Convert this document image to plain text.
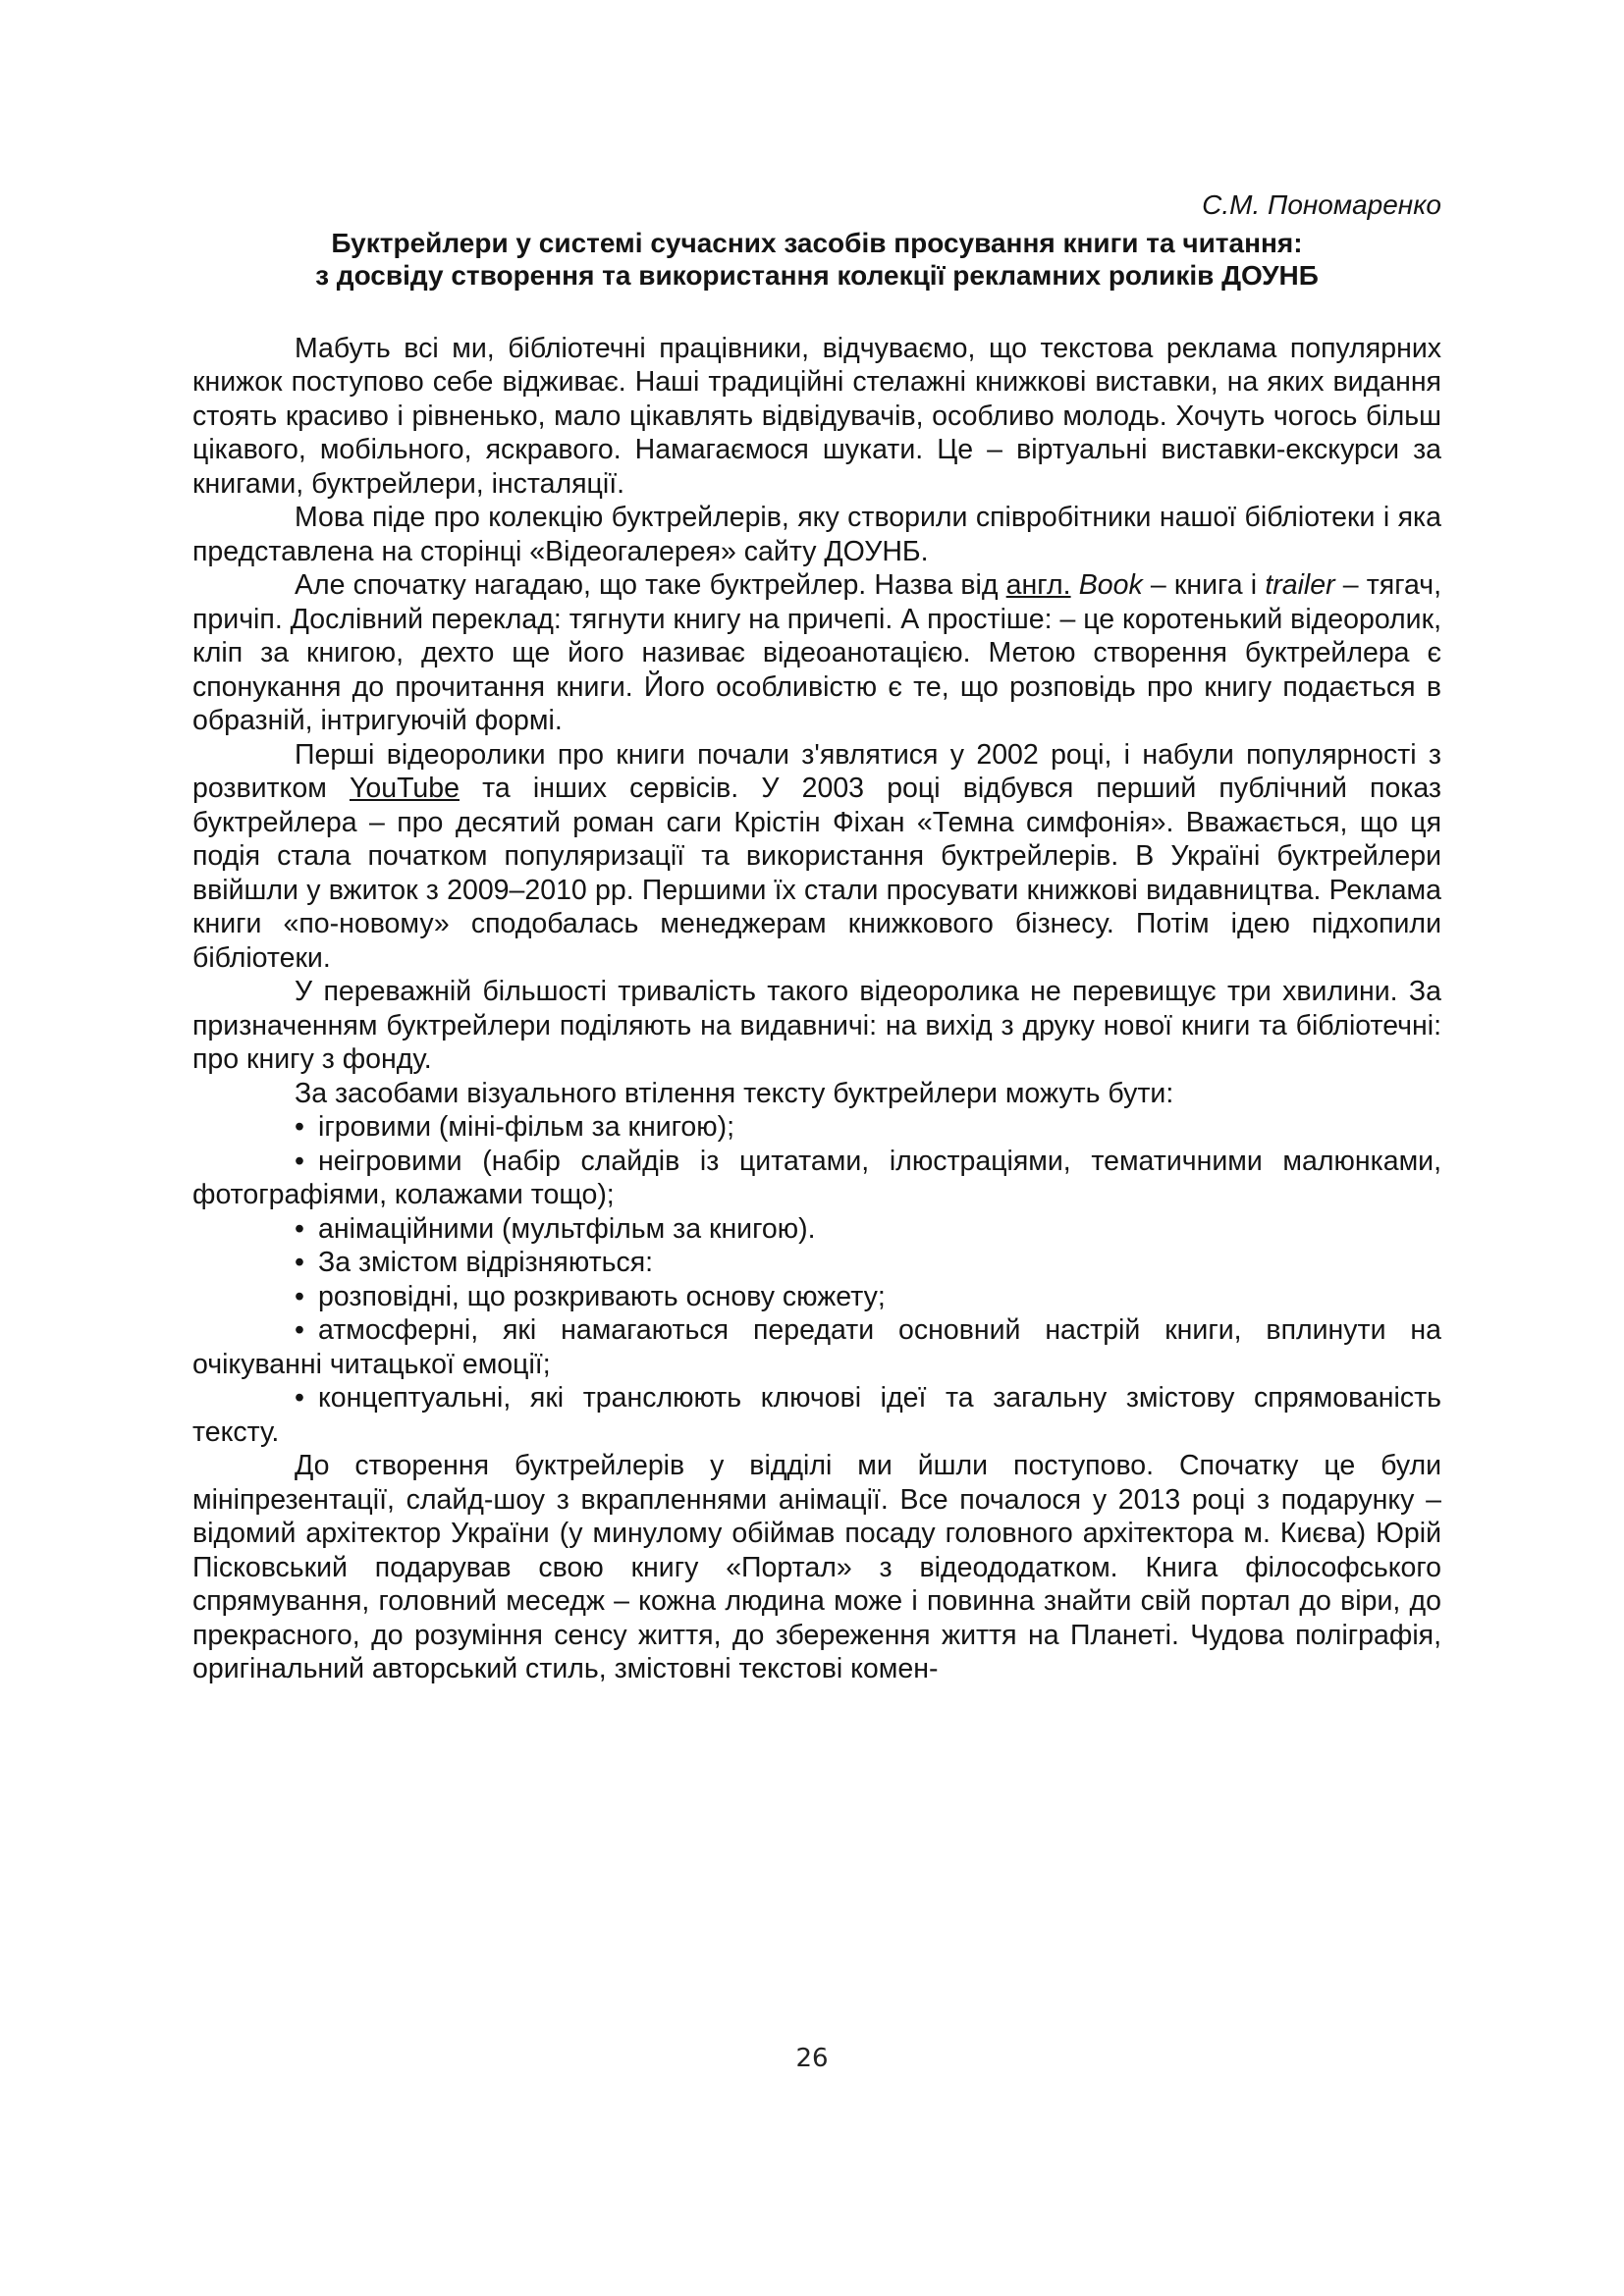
С.М. Пономаренко

Буктрейлери у системі сучасних засобів просування книги та читання:
з досвіду створення та використання колекції рекламних роликів ДОУНБ

Мабуть всі ми, бібліотечні працівники, відчуваємо, що текстова реклама популярних книжок поступово себе відживає. Наші традиційні стелажні книжкові виставки, на яких видання стоять красиво і рівненько, мало цікавлять відвідувачів, особливо молодь. Хочуть чогось більш цікавого, мобільного, яскравого. Намагаємося шукати. Це – віртуальні виставки-екскурси за книгами, буктрейлери, інсталяції.

Мова піде про колекцію буктрейлерів, яку створили співробітники нашої бібліотеки і яка представлена на сторінці «Відеогалерея» сайту ДОУНБ.

Але спочатку нагадаю, що таке буктрейлер. Назва від англ. Book – книга і trailer – тягач, причіп. Дослівний переклад: тягнути книгу на причепі. А простіше: – це коротенький відеоролик, кліп за книгою, дехто ще його називає відеоанотацією. Метою створення буктрейлера є спонукання до прочитання книги. Його особливістю є те, що розповідь про книгу подається в образній, інтригуючій формі.

Перші відеоролики про книги почали з'являтися у 2002 році, і набули популярності з розвитком YouTube та інших сервісів. У 2003 році відбувся перший публічний показ буктрейлера – про десятий роман саги Крістін Фіхан «Темна симфонія». Вважається, що ця подія стала початком популяризації та використання буктрейлерів. В Україні буктрейлери ввійшли у вжиток з 2009–2010 рр. Першими їх стали просувати книжкові видавництва. Реклама книги «по-новому» сподобалась менеджерам книжкового бізнесу. Потім ідею підхопили бібліотеки.

У переважній більшості тривалість такого відеоролика не перевищує три хвилини. За призначенням буктрейлери поділяють на видавничі: на вихід з друку нової книги та бібліотечні: про книгу з фонду.

За засобами візуального втілення тексту буктрейлери можуть бути:

• ігровими (міні-фільм за книгою);

• неігровими (набір слайдів із цитатами, ілюстраціями, тематичними малюнками, фотографіями, колажами тощо);

• анімаційними (мультфільм за книгою).

• За змістом відрізняються:

• розповідні, що розкривають основу сюжету;

• атмосферні, які намагаються передати основний настрій книги, вплинути на очікуванні читацької емоції;

• концептуальні, які транслюють ключові ідеї та загальну змістову спрямованість тексту.

До створення буктрейлерів у відділі ми йшли поступово. Спочатку це були мініпрезентації, слайд-шоу з вкрапленнями анімації. Все почалося у 2013 році з подарунку – відомий архітектор України (у минулому обіймав посаду головного архітектора м. Києва) Юрій Пісковський подарував свою книгу «Портал» з відеододатком. Книга філософського спрямування, головний меседж – кожна людина може і повинна знайти свій портал до віри, до прекрасного, до розуміння сенсу життя, до збереження життя на Планеті. Чудова поліграфія, оригінальний авторський стиль, змістовні текстові комен-

26
